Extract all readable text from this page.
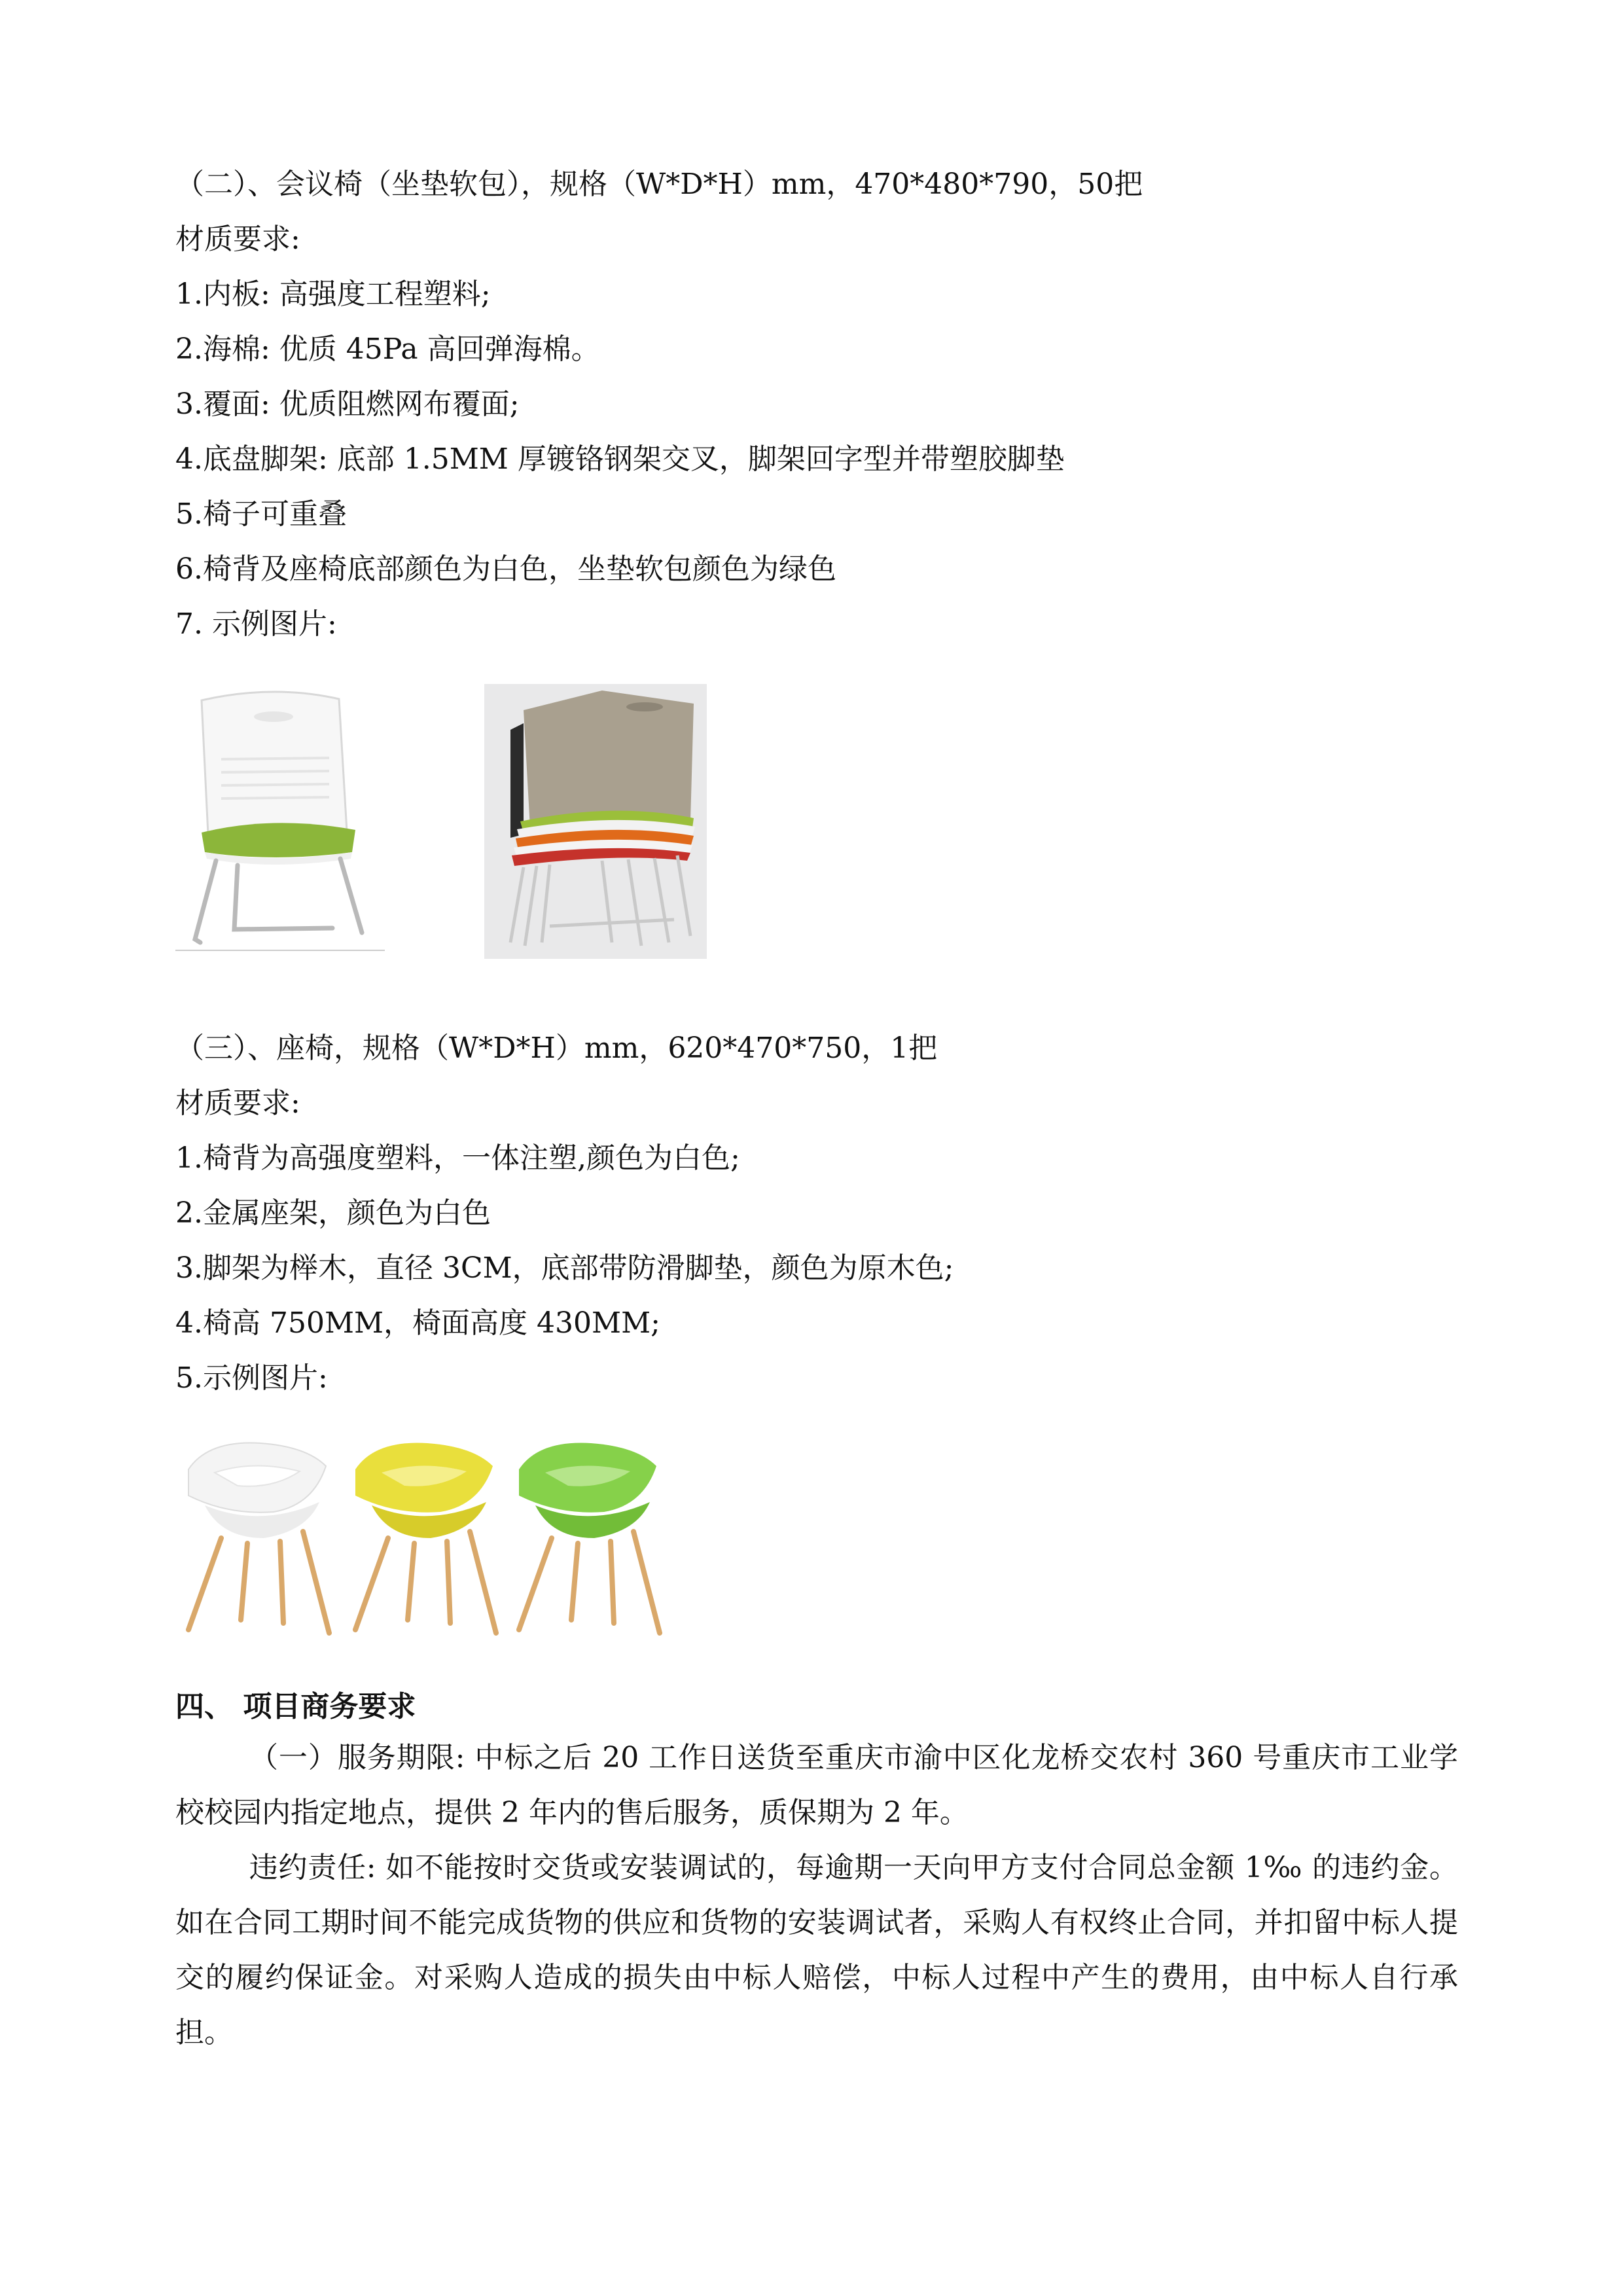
（二）、会议椅（坐垫软包），规格（W*D*H）mm，470*480*790，50把
材质要求:
1.内板: 高强度工程塑料;
2.海棉: 优质 45Pa 高回弹海棉。
3.覆面: 优质阻燃网布覆面;
4.底盘脚架: 底部 1.5MM 厚镀铬钢架交叉，脚架回字型并带塑胶脚垫
5.椅子可重叠
6.椅背及座椅底部颜色为白色，坐垫软包颜色为绿色
7. 示例图片:
（三）、座椅，规格（W*D*H）mm，620*470*750，1把
材质要求:
1.椅背为高强度塑料，一体注塑,颜色为白色;
2.金属座架，颜色为白色
3.脚架为榉木，直径 3CM，底部带防滑脚垫，颜色为原木色;
4.椅高 750MM，椅面高度 430MM;
5.示例图片:
四、 项目商务要求
（一）服务期限: 中标之后 20 工作日送货至重庆市渝中区化龙桥交农村 360 号重庆市工业学校校园内指定地点，提供 2 年内的售后服务，质保期为 2 年。
违约责任: 如不能按时交货或安装调试的，每逾期一天向甲方支付合同总金额 1‰ 的违约金。如在合同工期时间不能完成货物的供应和货物的安装调试者，采购人有权终止合同，并扣留中标人提交的履约保证金。对采购人造成的损失由中标人赔偿，中标人过程中产生的费用，由中标人自行承担。
